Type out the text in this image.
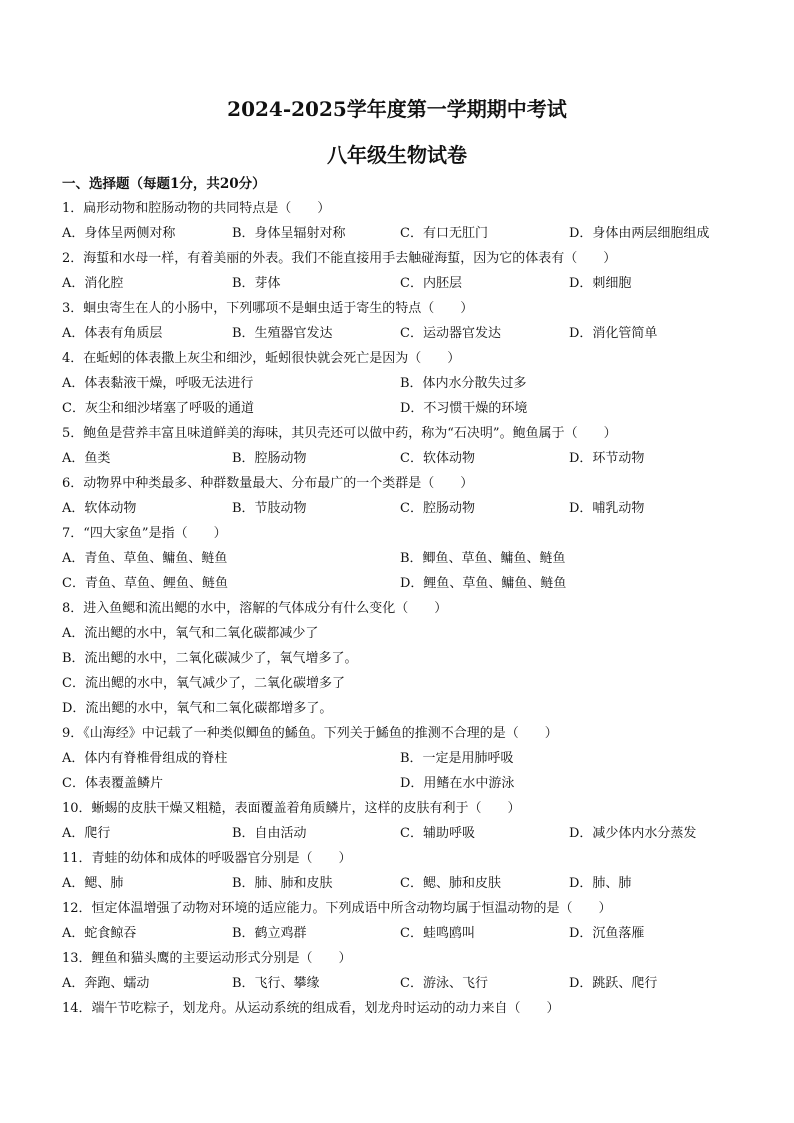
2024-2025学年度第一学期期中考试
八年级生物试卷
一、选择题（每题1分，共20分）
1．扁形动物和腔肠动物的共同特点是（　　）
A．身体呈两侧对称	B．身体呈辐射对称	C．有口无肛门	D．身体由两层细胞组成
2．海蜇和水母一样，有着美丽的外表。我们不能直接用手去触碰海蜇，因为它的体表有（　　）
A．消化腔	B．芽体	C．内胚层	D．刺细胞
3．蛔虫寄生在人的小肠中，下列哪项不是蛔虫适于寄生的特点（　　）
A．体表有角质层	B．生殖器官发达	C．运动器官发达	D．消化管简单
4．在蚯蚓的体表撒上灰尘和细沙，蚯蚓很快就会死亡是因为（　　）
A．体表黏液干燥，呼吸无法进行	B．体内水分散失过多
C．灰尘和细沙堵塞了呼吸的通道	D．不习惯干燥的环境
5．鲍鱼是营养丰富且味道鲜美的海味，其贝壳还可以做中药，称为“石决明”。鲍鱼属于（　　）
A．鱼类	B．腔肠动物	C．软体动物	D．环节动物
6．动物界中种类最多、种群数量最大、分布最广的一个类群是（　　）
A．软体动物	B．节肢动物	C．腔肠动物	D．哺乳动物
7．“四大家鱼”是指（　　）
A．青鱼、草鱼、鳙鱼、鲢鱼	B．鲫鱼、草鱼、鳙鱼、鲢鱼
C．青鱼、草鱼、鲤鱼、鲢鱼	D．鲤鱼、草鱼、鳙鱼、鲢鱼
8．进入鱼鳃和流出鳃的水中，溶解的气体成分有什么变化（　　）
A．流出鳃的水中，氧气和二氧化碳都减少了
B．流出鳃的水中，二氧化碳减少了，氧气增多了。
C．流出鳃的水中，氧气减少了，二氧化碳增多了
D．流出鳃的水中，氧气和二氧化碳都增多了。
9．《山海经》中记载了一种类似鲫鱼的鯑鱼。下列关于鯑鱼的推测不合理的是（　　）
A．体内有脊椎骨组成的脊柱	B．一定是用肺呼吸
C．体表覆盖鳞片	D．用鳍在水中游泳
10．蜥蜴的皮肤干燥又粗糙，表面覆盖着角质鳞片，这样的皮肤有利于（　　）
A．爬行	B．自由活动	C．辅助呼吸	D．减少体内水分蒸发
11．青蛙的幼体和成体的呼吸器官分别是（　　）
A．鳃、肺	B．肺、肺和皮肤	C．鳃、肺和皮肤	D．肺、肺
12．恒定体温增强了动物对环境的适应能力。下列成语中所含动物均属于恒温动物的是（　　）
A．蛇食鲸吞	B．鹤立鸡群	C．蛙鸣鸥叫	D．沉鱼落雁
13．鲤鱼和猫头鹰的主要运动形式分别是（　　）
A．奔跑、蠕动	B．飞行、攀缘	C．游泳、飞行	D．跳跃、爬行
14．端午节吃粽子，划龙舟。从运动系统的组成看，划龙舟时运动的动力来自（　　）
